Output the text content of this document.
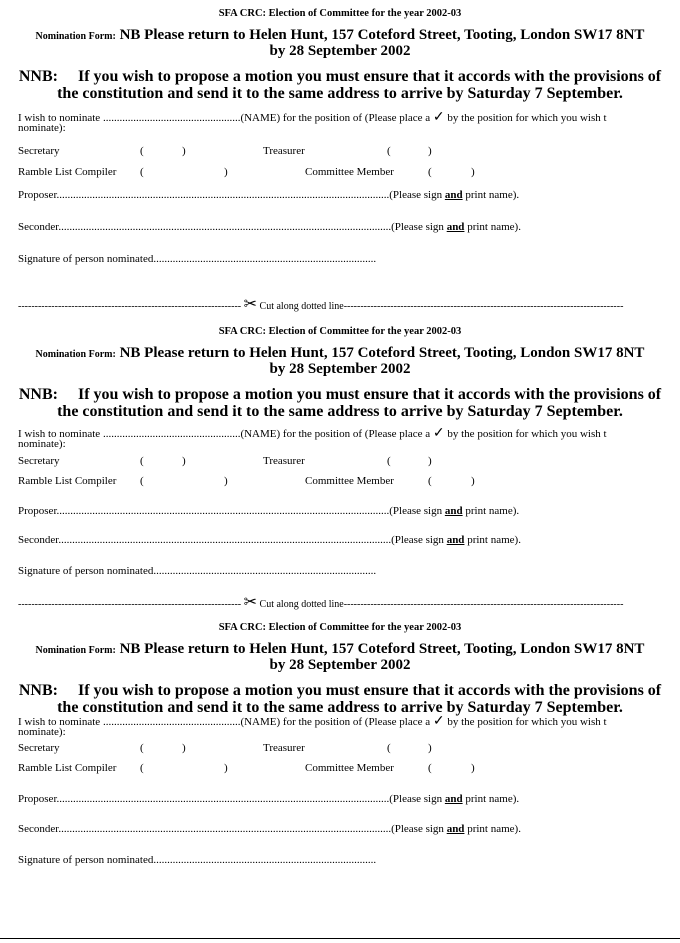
SFA CRC: Election of Committee for the year 2002-03
Nomination Form: NB Please return to Helen Hunt, 157 Coteford Street, Tooting, London SW17 8NT
by 28 September 2002
NNB: If you wish to propose a motion you must ensure that it accords with the provisions of
the constitution and send it to the same address to arrive by Saturday 7 September.
I wish to nominate ..................................................(NAME) for the position of (Please place a ✓ by the position for which you wish t
nominate):
Secretary	(	)	Treasurer	(	)
Ramble List Compiler (	)	Committee Member	(	)
Proposer.........................................................................................................................(Please sign and print name).
Seconder.........................................................................................................................(Please sign and print name).
Signature of person nominated.................................................................................
------------------------------------------------------------------- ✂ Cut along dotted line------------------------------------------------------------------------------------
SFA CRC: Election of Committee for the year 2002-03
Nomination Form: NB Please return to Helen Hunt, 157 Coteford Street, Tooting, London SW17 8NT
by 28 September 2002
NNB: If you wish to propose a motion you must ensure that it accords with the provisions of
the constitution and send it to the same address to arrive by Saturday 7 September.
I wish to nominate ..................................................(NAME) for the position of (Please place a ✓ by the position for which you wish t
nominate):
Secretary	(	)	Treasurer	(	)
Ramble List Compiler (	)	Committee Member	(	)
Proposer.........................................................................................................................(Please sign and print name).
Seconder.........................................................................................................................(Please sign and print name).
Signature of person nominated.................................................................................
------------------------------------------------------------------- ✂ Cut along dotted line------------------------------------------------------------------------------------
SFA CRC: Election of Committee for the year 2002-03
Nomination Form: NB Please return to Helen Hunt, 157 Coteford Street, Tooting, London SW17 8NT
by 28 September 2002
NNB: If you wish to propose a motion you must ensure that it accords with the provisions of
the constitution and send it to the same address to arrive by Saturday 7 September.
I wish to nominate ..................................................(NAME) for the position of (Please place a ✓ by the position for which you wish t
nominate):
Secretary	(	)	Treasurer	(	)
Ramble List Compiler (	)	Committee Member	(	)
Proposer.........................................................................................................................(Please sign and print name).
Seconder.........................................................................................................................(Please sign and print name).
Signature of person nominated.................................................................................
